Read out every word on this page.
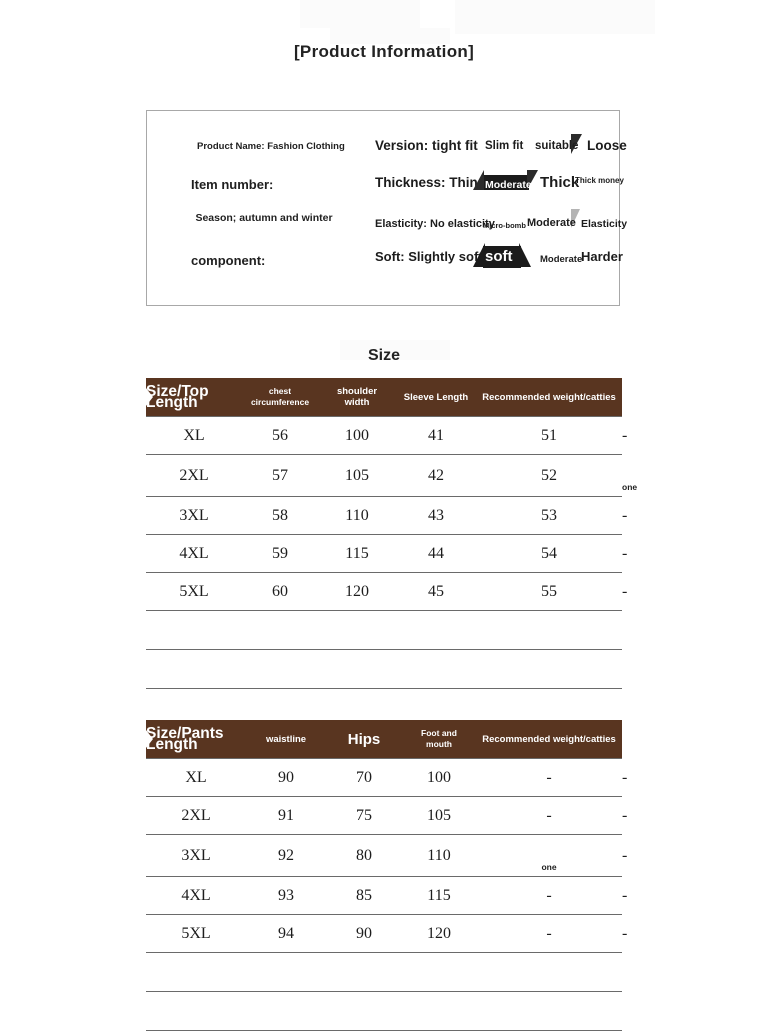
[Product Information]
Product Name: Fashion Clothing
Item number:
Season; autumn and winter
component:
Version: tight fit Slim fit suitable Loose
Thickness: Thin Moderate Thick
Thick money
Elasticity: No elasticity
Micro-bomb Moderate Elasticity
Soft: Slightly soft soft	Moderate
Harder
Size
Size/Top Length	chest
circumference	shoulder
width	Sleeve Length	Recommended weight/catties	

XL	56	100	41	51	-
2XL	57	105	42	52	one
3XL	58	110	43	53	-
4XL	59	115	44	54	-
5XL	60	120	45	55	-

Size/Pants Length	waistline	Hips	Foot and
mouth	Recommended weight/catties	

XL	90	70	100	-	-
2XL	91	75	105	-	-
3XL	92	80	110	one	-
4XL	93	85	115	-	-
5XL	94	90	120	-	-
